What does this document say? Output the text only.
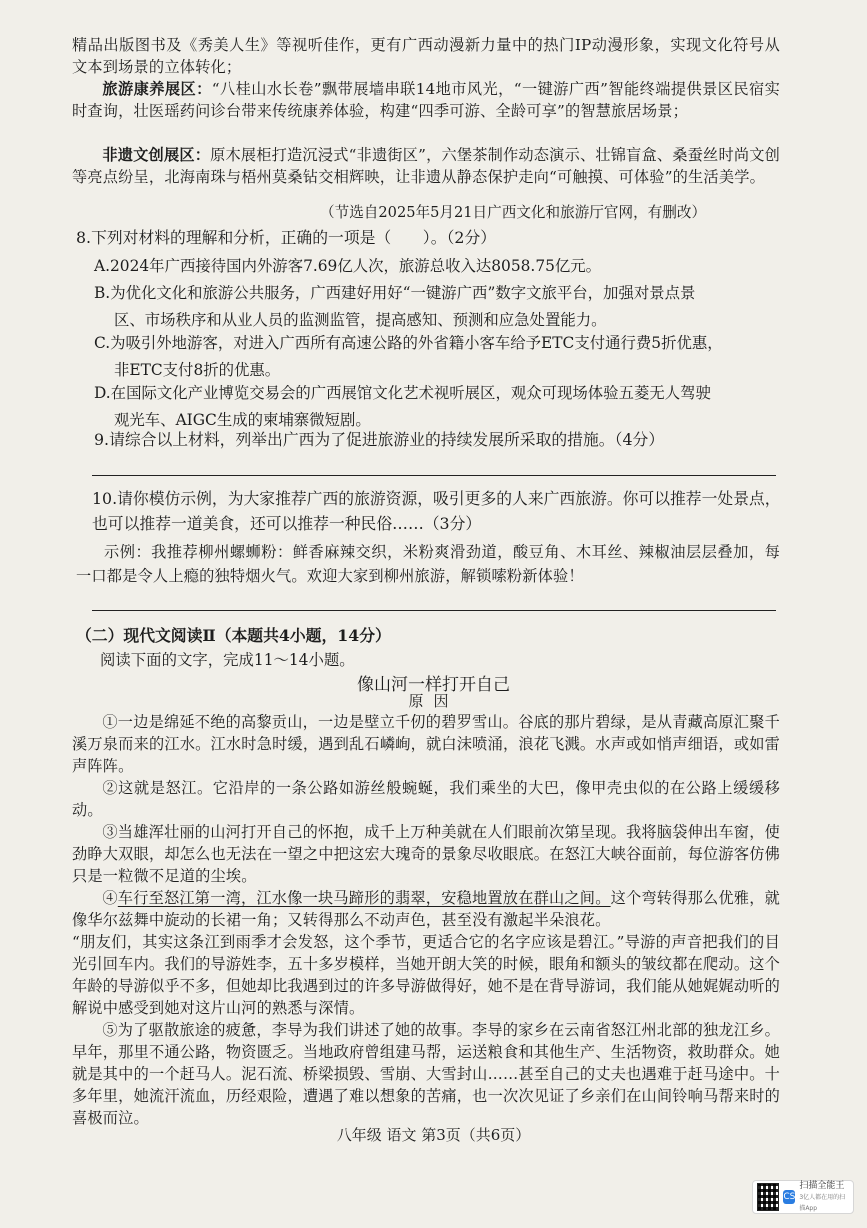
精品出版图书及《秀美人生》等视听佳作，更有广西动漫新力量中的热门IP动漫形象，实现文化符号从文本到场景的立体转化；

旅游康养展区：“八桂山水长卷”飘带展墙串联14地市风光，“一键游广西”智能终端提供景区民宿实时查询，壮医瑶药问诊台带来传统康养体验，构建“四季可游、全龄可享”的智慧旅居场景；

非遗文创展区：原木展柜打造沉浸式“非遗街区”，六堡茶制作动态演示、壮锦盲盒、桑蚕丝时尚文创等亮点纷呈，北海南珠与梧州莫桑钻交相辉映，让非遗从静态保护走向“可触摸、可体验”的生活美学。

（节选自2025年5月21日广西文化和旅游厅官网，有删改）

8.下列对材料的理解和分析，正确的一项是（　　）。（2分）

A.2024年广西接待国内外游客7.69亿人次，旅游总收入达8058.75亿元。

B.为优化文化和旅游公共服务，广西建好用好“一键游广西”数字文旅平台，加强对景点景
区、市场秩序和从业人员的监测监管，提高感知、预测和应急处置能力。

C.为吸引外地游客，对进入广西所有高速公路的外省籍小客车给予ETC支付通行费5折优惠，
非ETC支付8折的优惠。

D.在国际文化产业博览交易会的广西展馆文化艺术视听展区，观众可现场体验五菱无人驾驶
观光车、AIGC生成的柬埔寨微短剧。

9.请综合以上材料，列举出广西为了促进旅游业的持续发展所采取的措施。（4分）

10.请你模仿示例，为大家推荐广西的旅游资源，吸引更多的人来广西旅游。你可以推荐一处景点，也可以推荐一道美食，还可以推荐一种民俗……（3分）

示例：我推荐柳州螺蛳粉：鲜香麻辣交织，米粉爽滑劲道，酸豆角、木耳丝、辣椒油层层叠加，每一口都是令人上瘾的独特烟火气。欢迎大家到柳州旅游，解锁嗦粉新体验！

（二）现代文阅读Ⅱ（本题共4小题，14分）
阅读下面的文字，完成11～14小题。
像山河一样打开自己
原因

①一边是绵延不绝的高黎贡山，一边是壁立千仞的碧罗雪山。谷底的那片碧绿，是从青藏高原汇聚千溪万泉而来的江水。江水时急时缓，遇到乱石嶙峋，就白沫喷涌，浪花飞溅。水声或如悄声细语，或如雷声阵阵。

②这就是怒江。它沿岸的一条公路如游丝般蜿蜒，我们乘坐的大巴，像甲壳虫似的在公路上缓缓移动。

③当雄浑壮丽的山河打开自己的怀抱，成千上万种美就在人们眼前次第呈现。我将脑袋伸出车窗，使劲睁大双眼，却怎么也无法在一望之中把这宏大瑰奇的景象尽收眼底。在怒江大峡谷面前，每位游客仿佛只是一粒微不足道的尘埃。

④车行至怒江第一湾，江水像一块马蹄形的翡翠，安稳地置放在群山之间。这个弯转得那么优雅，就像华尔兹舞中旋动的长裙一角；又转得那么不动声色，甚至没有激起半朵浪花。

“朋友们，其实这条江到雨季才会发怒，这个季节，更适合它的名字应该是碧江。”导游的声音把我们的目光引回车内。我们的导游姓李，五十多岁模样，当她开朗大笑的时候，眼角和额头的皱纹都在爬动。这个年龄的导游似乎不多，但她却比我遇到过的许多导游做得好，她不是在背导游词，我们能从她娓娓动听的解说中感受到她对这片山河的熟悉与深情。

⑤为了驱散旅途的疲惫，李导为我们讲述了她的故事。李导的家乡在云南省怒江州北部的独龙江乡。早年，那里不通公路，物资匮乏。当地政府曾组建马帮，运送粮食和其他生产、生活物资，救助群众。她就是其中的一个赶马人。泥石流、桥梁损毁、雪崩、大雪封山……甚至自己的丈夫也遇难于赶马途中。十多年里，她流汗流血，历经艰险，遭遇了难以想象的苦痛，也一次次见证了乡亲们在山间铃响马帮来时的喜极而泣。

八年级 语文 第3页（共6页）
CS
扫描全能王
3亿人都在用的扫描App
